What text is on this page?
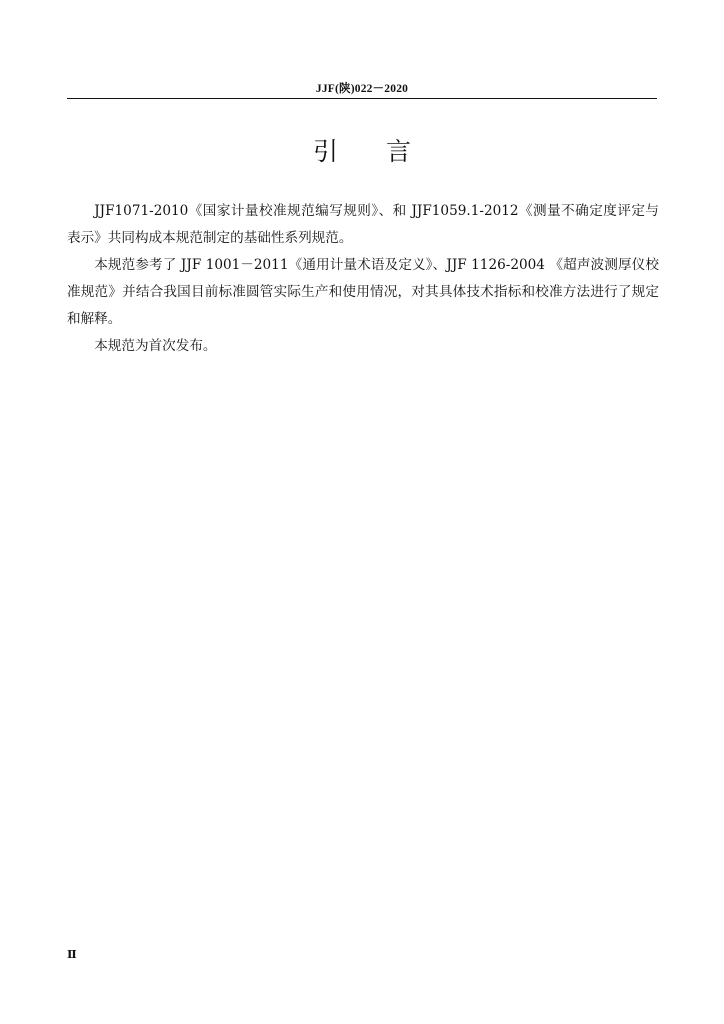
JJF(陕)022－2020
引言

JJF1071-2010《国家计量校准规范编写规则》、和 JJF1059.1-2012《测量不确定度评定与表示》共同构成本规范制定的基础性系列规范。

本规范参考了 JJF 1001－2011《通用计量术语及定义》、JJF 1126-2004 《超声波测厚仪校准规范》并结合我国目前标准圆管实际生产和使用情况，对其具体技术指标和校准方法进行了规定和解释。

本规范为首次发布。

Ⅱ
